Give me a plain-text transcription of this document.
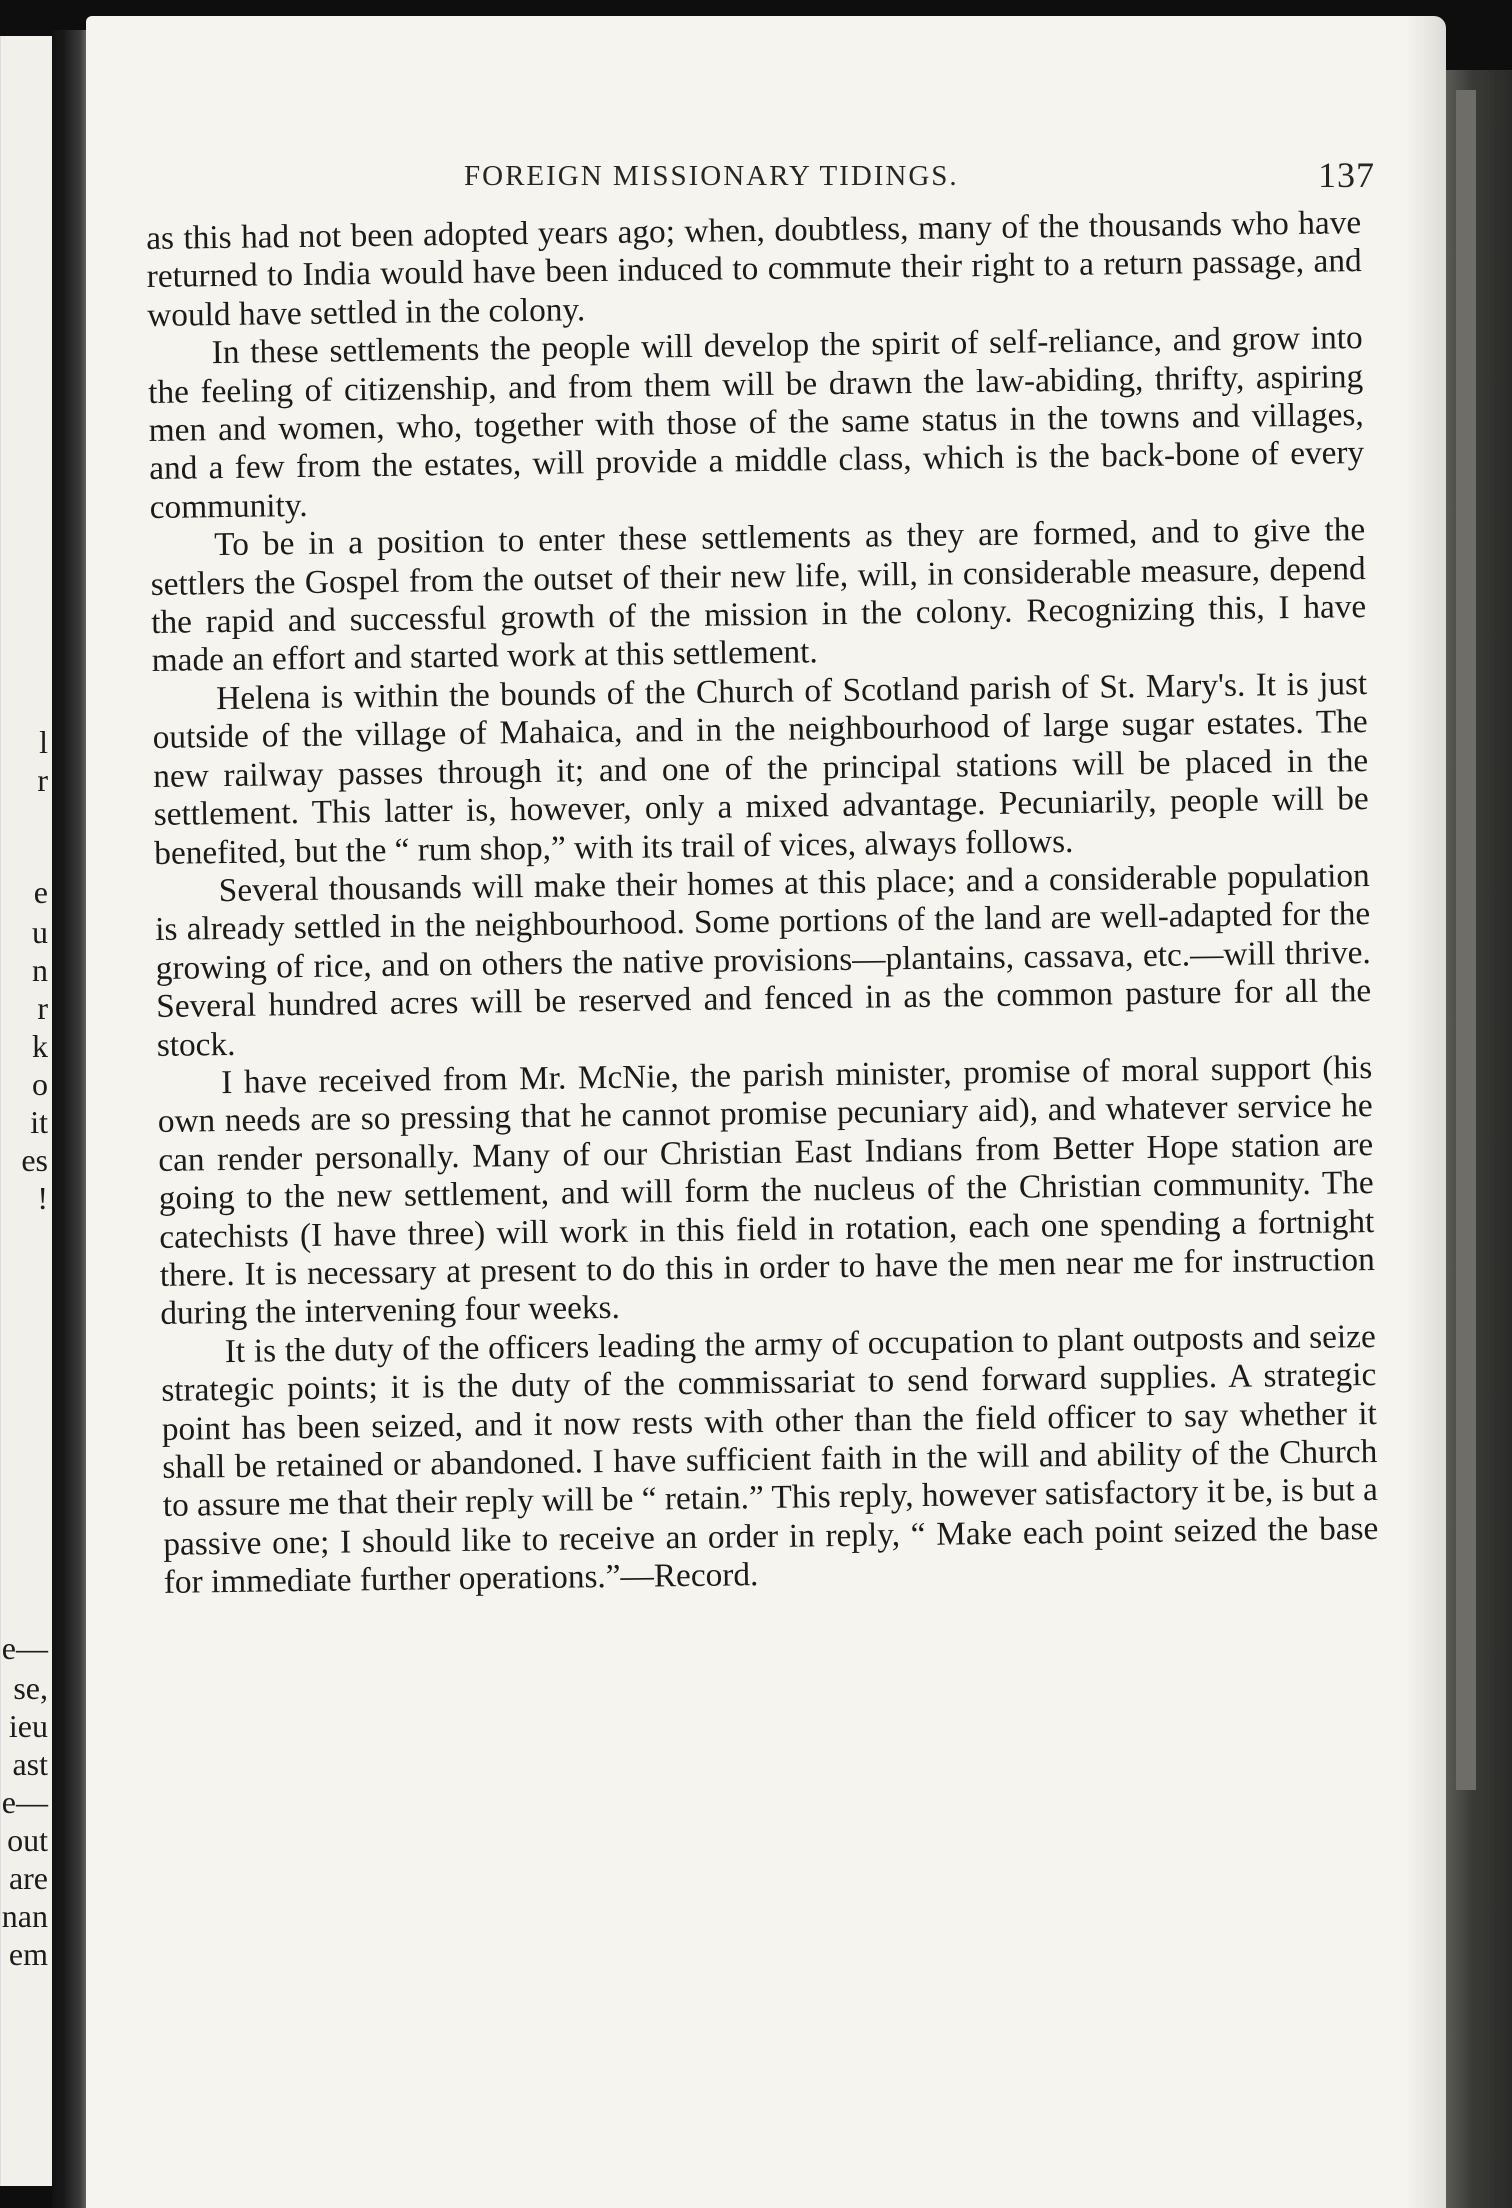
l
r
e
u
n
r
k
o
it
es
!
e—
se,
ieu
ast
e—
out
are
nan
em
FOREIGN MISSIONARY TIDINGS.	137

as this had not been adopted years ago; when, doubtless, many of the thousands who have returned to India would have been induced to commute their right to a return passage, and would have settled in the colony.

In these settlements the people will develop the spirit of self-reliance, and grow into the feeling of citizenship, and from them will be drawn the law-abiding, thrifty, aspiring men and women, who, together with those of the same status in the towns and villages, and a few from the estates, will provide a middle class, which is the back-bone of every community.

To be in a position to enter these settlements as they are formed, and to give the settlers the Gospel from the outset of their new life, will, in considerable measure, depend the rapid and successful growth of the mission in the colony. Recognizing this, I have made an effort and started work at this settlement.

Helena is within the bounds of the Church of Scotland parish of St. Mary's. It is just outside of the village of Mahaica, and in the neighbourhood of large sugar estates. The new railway passes through it; and one of the principal stations will be placed in the settlement. This latter is, however, only a mixed advantage. Pecuniarily, people will be benefited, but the “ rum shop,” with its trail of vices, always follows.

Several thousands will make their homes at this place; and a considerable population is already settled in the neighbourhood. Some portions of the land are well-adapted for the growing of rice, and on others the native provisions—plantains, cassava, etc.—will thrive. Several hundred acres will be reserved and fenced in as the common pasture for all the stock.

I have received from Mr. McNie, the parish minister, promise of moral support (his own needs are so pressing that he cannot promise pecuniary aid), and whatever service he can render personally. Many of our Christian East Indians from Better Hope station are going to the new settlement, and will form the nucleus of the Christian community. The catechists (I have three) will work in this field in rotation, each one spending a fortnight there. It is necessary at present to do this in order to have the men near me for instruction during the intervening four weeks.

It is the duty of the officers leading the army of occupation to plant outposts and seize strategic points; it is the duty of the commissariat to send forward supplies. A strategic point has been seized, and it now rests with other than the field officer to say whether it shall be retained or abandoned. I have sufficient faith in the will and ability of the Church to assure me that their reply will be “ retain.” This reply, however satisfactory it be, is but a passive one; I should like to receive an order in reply, “ Make each point seized the base for immediate further operations.”—Record.
